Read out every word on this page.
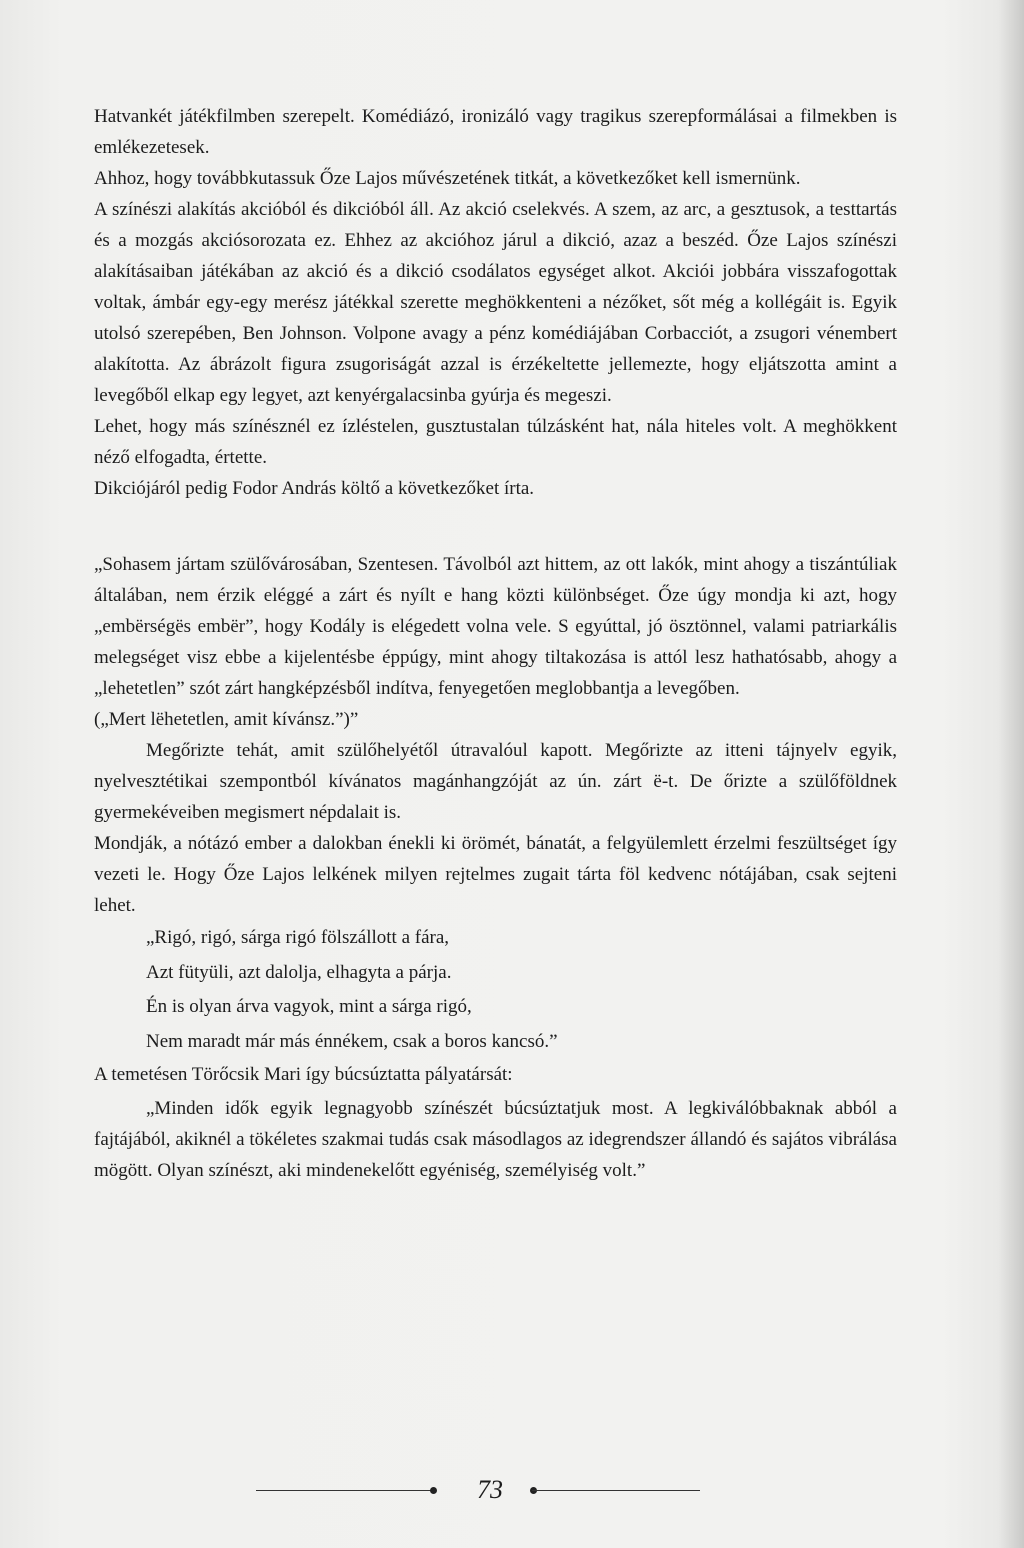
Hatvankét játékfilmben szerepelt. Komédiázó, ironizáló vagy tragikus szerepformálásai a filmekben is emlékezetesek.

Ahhoz, hogy továbbkutassuk Őze Lajos művészetének titkát, a következőket kell ismernünk.

A színészi alakítás akcióból és dikcióból áll. Az akció cselekvés. A szem, az arc, a gesztusok, a testtartás és a mozgás akciósorozata ez. Ehhez az akcióhoz járul a dikció, azaz a beszéd. Őze Lajos színészi alakításaiban játékában az akció és a dikció csodálatos egységet alkot. Akciói jobbára visszafogottak voltak, ámbár egy-egy merész játékkal szerette meghökkenteni a nézőket, sőt még a kollégáit is. Egyik utolsó szerepében, Ben Johnson. Volpone avagy a pénz komédiájában Corbacciót, a zsugori vénembert alakította. Az ábrázolt figura zsugoriságát azzal is érzékeltette jellemezte, hogy eljátszotta amint a levegőből elkap egy legyet, azt kenyérgalacsinba gyúrja és megeszi.

Lehet, hogy más színésznél ez ízléstelen, gusztustalan túlzásként hat, nála hiteles volt. A meghökkent néző elfogadta, értette.

Dikciójáról pedig Fodor András költő a következőket írta.

„Sohasem jártam szülővárosában, Szentesen. Távolból azt hittem, az ott lakók, mint ahogy a tiszántúliak általában, nem érzik eléggé a zárt és nyílt e hang közti különbséget. Őze úgy mondja ki azt, hogy „embërségës embër”, hogy Kodály is elégedett volna vele. S egyúttal, jó ösztönnel, valami patriarkális melegséget visz ebbe a kijelentésbe éppúgy, mint ahogy tiltakozása is attól lesz hathatósabb, ahogy a „lehetetlen” szót zárt hangképzésből indítva, fenyegetően meglobbantja a levegőben.

(„Mert lëhetetlen, amit kívánsz.”)”

Megőrizte tehát, amit szülőhelyétől útravalóul kapott. Megőrizte az itteni tájnyelv egyik, nyelvesztétikai szempontból kívánatos magánhangzóját az ún. zárt ë-t. De őrizte a szülőföldnek gyermekéveiben megismert népdalait is.

Mondják, a nótázó ember a dalokban énekli ki örömét, bánatát, a felgyülemlett érzelmi feszültséget így vezeti le. Hogy Őze Lajos lelkének milyen rejtelmes zugait tárta föl kedvenc nótájában, csak sejteni lehet.

„Rigó, rigó, sárga rigó fölszállott a fára,
Azt fütyüli, azt dalolja, elhagyta a párja.
Én is olyan árva vagyok, mint a sárga rigó,
Nem maradt már más énnékem, csak a boros kancsó.”

A temetésen Törőcsik Mari így búcsúztatta pályatársát:

„Minden idők egyik legnagyobb színészét búcsúztatjuk most. A legkiválóbbaknak abból a fajtájából, akiknél a tökéletes szakmai tudás csak másodlagos az idegrendszer állandó és sajátos vibrálása mögött. Olyan színészt, aki mindenekelőtt egyéniség, személyiség volt.”

73
